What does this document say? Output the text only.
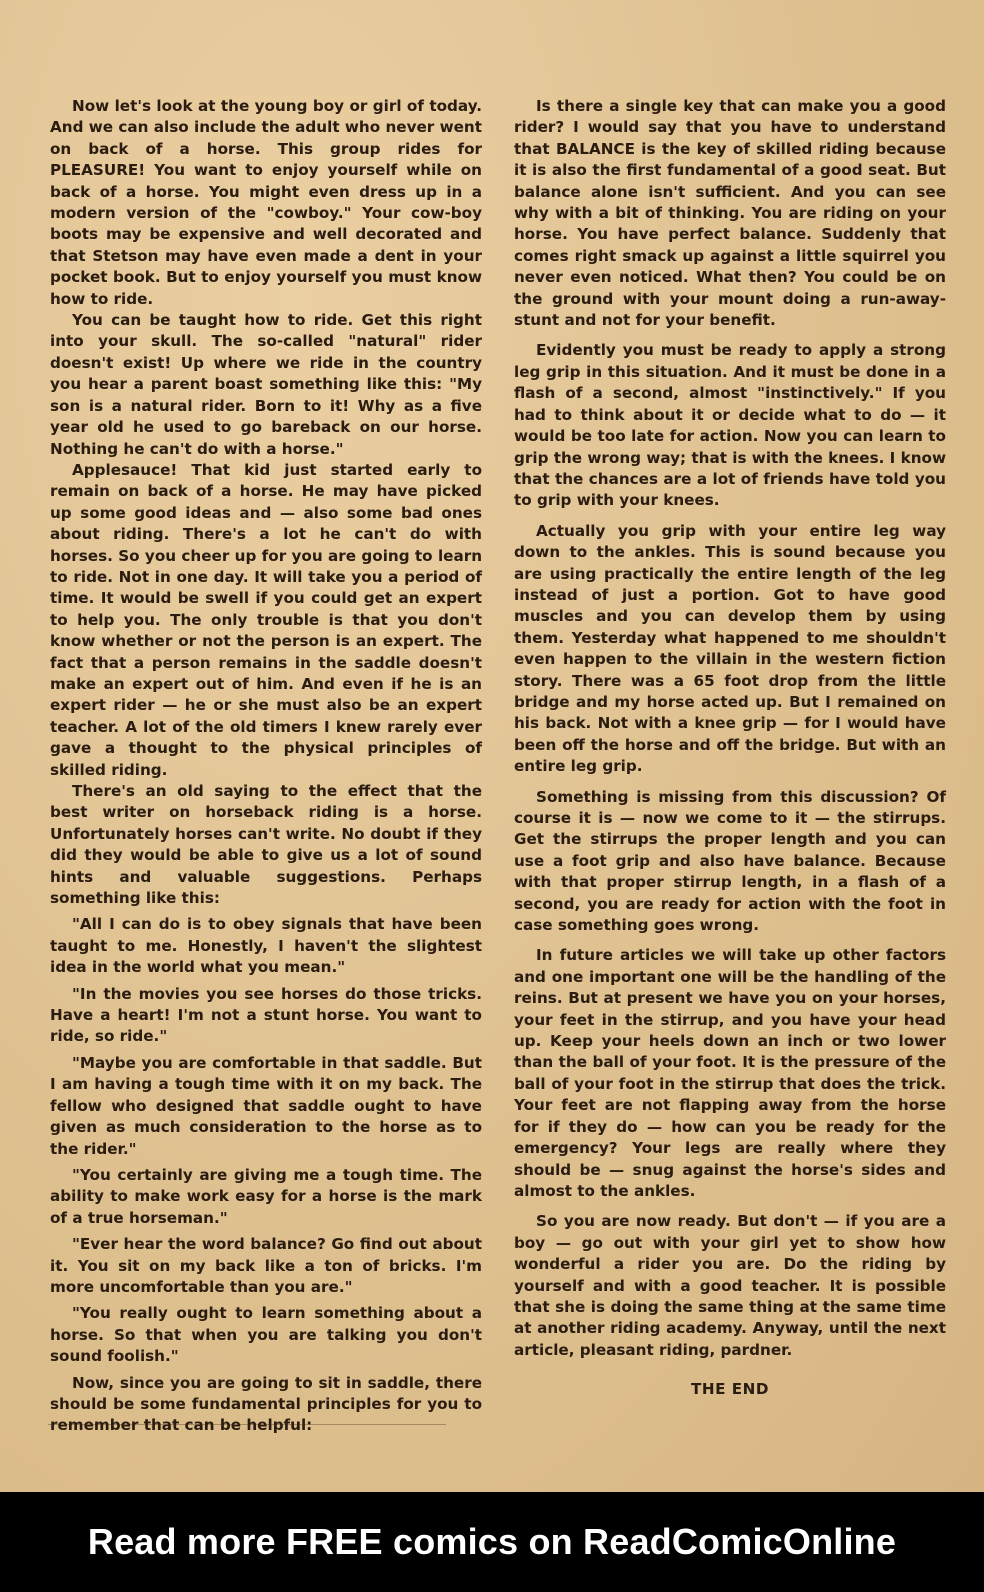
Now let's look at the young boy or girl of today. And we can also include the adult who never went on back of a horse. This group rides for PLEASURE! You want to enjoy yourself while on back of a horse. You might even dress up in a modern version of the "cowboy." Your cow-boy boots may be expensive and well decorated and that Stetson may have even made a dent in your pocket book. But to enjoy yourself you must know how to ride.

You can be taught how to ride. Get this right into your skull. The so-called "natural" rider doesn't exist! Up where we ride in the country you hear a parent boast something like this: "My son is a natural rider. Born to it! Why as a five year old he used to go bareback on our horse. Nothing he can't do with a horse."

Applesauce! That kid just started early to remain on back of a horse. He may have picked up some good ideas and — also some bad ones about riding. There's a lot he can't do with horses. So you cheer up for you are going to learn to ride. Not in one day. It will take you a period of time. It would be swell if you could get an expert to help you. The only trouble is that you don't know whether or not the person is an expert. The fact that a person remains in the saddle doesn't make an expert out of him. And even if he is an expert rider — he or she must also be an expert teacher. A lot of the old timers I knew rarely ever gave a thought to the physical principles of skilled riding.

There's an old saying to the effect that the best writer on horseback riding is a horse. Unfortunately horses can't write. No doubt if they did they would be able to give us a lot of sound hints and valuable suggestions. Perhaps something like this:

"All I can do is to obey signals that have been taught to me. Honestly, I haven't the slightest idea in the world what you mean."

"In the movies you see horses do those tricks. Have a heart! I'm not a stunt horse. You want to ride, so ride."

"Maybe you are comfortable in that saddle. But I am having a tough time with it on my back. The fellow who designed that saddle ought to have given as much consideration to the horse as to the rider."

"You certainly are giving me a tough time. The ability to make work easy for a horse is the mark of a true horseman."

"Ever hear the word balance? Go find out about it. You sit on my back like a ton of bricks. I'm more uncomfortable than you are."

"You really ought to learn something about a horse. So that when you are talking you don't sound foolish."

Now, since you are going to sit in saddle, there should be some fundamental principles for you to remember that can be helpful:

Is there a single key that can make you a good rider? I would say that you have to understand that BALANCE is the key of skilled riding because it is also the first fundamental of a good seat. But balance alone isn't sufficient. And you can see why with a bit of thinking. You are riding on your horse. You have perfect balance. Suddenly that comes right smack up against a little squirrel you never even noticed. What then? You could be on the ground with your mount doing a run-away-stunt and not for your benefit.

Evidently you must be ready to apply a strong leg grip in this situation. And it must be done in a flash of a second, almost "instinctively." If you had to think about it or decide what to do — it would be too late for action. Now you can learn to grip the wrong way; that is with the knees. I know that the chances are a lot of friends have told you to grip with your knees.

Actually you grip with your entire leg way down to the ankles. This is sound because you are using practically the entire length of the leg instead of just a portion. Got to have good muscles and you can develop them by using them. Yesterday what happened to me shouldn't even happen to the villain in the western fiction story. There was a 65 foot drop from the little bridge and my horse acted up. But I remained on his back. Not with a knee grip — for I would have been off the horse and off the bridge. But with an entire leg grip.

Something is missing from this discussion? Of course it is — now we come to it — the stirrups. Get the stirrups the proper length and you can use a foot grip and also have balance. Because with that proper stirrup length, in a flash of a second, you are ready for action with the foot in case something goes wrong.

In future articles we will take up other factors and one important one will be the handling of the reins. But at present we have you on your horses, your feet in the stirrup, and you have your head up. Keep your heels down an inch or two lower than the ball of your foot. It is the pressure of the ball of your foot in the stirrup that does the trick. Your feet are not flapping away from the horse for if they do — how can you be ready for the emergency? Your legs are really where they should be — snug against the horse's sides and almost to the ankles.

So you are now ready. But don't — if you are a boy — go out with your girl yet to show how wonderful a rider you are. Do the riding by yourself and with a good teacher. It is possible that she is doing the same thing at the same time at another riding academy. Anyway, until the next article, pleasant riding, pardner.

THE END

Read more FREE comics on ReadComicOnline
